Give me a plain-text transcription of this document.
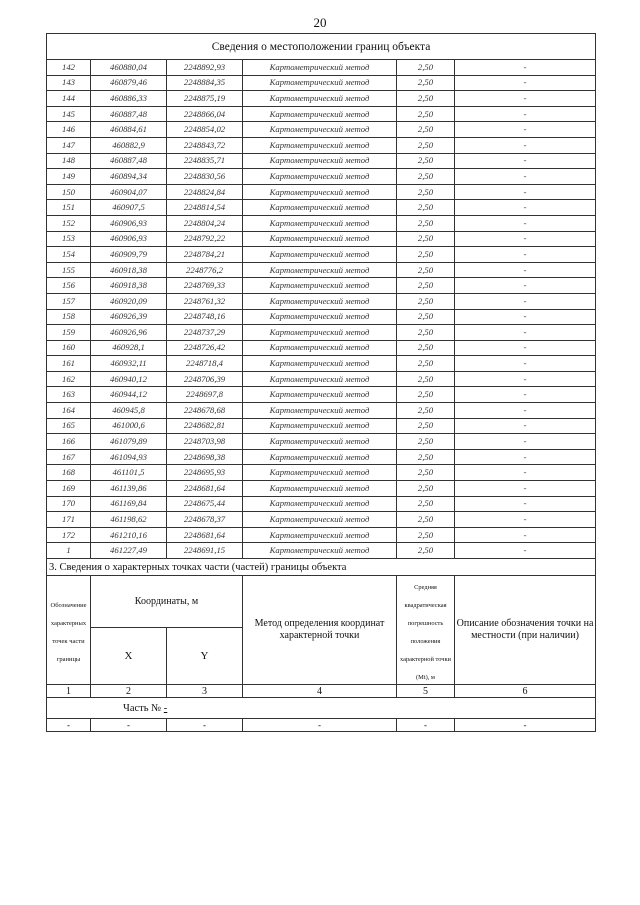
20
Сведения о местоположении границ объекта					
142	460880,04	2248892,93	Картометрический метод	2,50	-
143	460879,46	2248884,35	Картометрический метод	2,50	-
144	460886,33	2248875,19	Картометрический метод	2,50	-
145	460887,48	2248866,04	Картометрический метод	2,50	-
146	460884,61	2248854,02	Картометрический метод	2,50	-
147	460882,9	2248843,72	Картометрический метод	2,50	-
148	460887,48	2248835,71	Картометрический метод	2,50	-
149	460894,34	2248830,56	Картометрический метод	2,50	-
150	460904,07	2248824,84	Картометрический метод	2,50	-
151	460907,5	2248814,54	Картометрический метод	2,50	-
152	460906,93	2248804,24	Картометрический метод	2,50	-
153	460906,93	2248792,22	Картометрический метод	2,50	-
154	460909,79	2248784,21	Картометрический метод	2,50	-
155	460918,38	2248776,2	Картометрический метод	2,50	-
156	460918,38	2248769,33	Картометрический метод	2,50	-
157	460920,09	2248761,32	Картометрический метод	2,50	-
158	460926,39	2248748,16	Картометрический метод	2,50	-
159	460926,96	2248737,29	Картометрический метод	2,50	-
160	460928,1	2248726,42	Картометрический метод	2,50	-
161	460932,11	2248718,4	Картометрический метод	2,50	-
162	460940,12	2248706,39	Картометрический метод	2,50	-
163	460944,12	2248697,8	Картометрический метод	2,50	-
164	460945,8	2248678,68	Картометрический метод	2,50	-
165	461000,6	2248682,81	Картометрический метод	2,50	-
166	461079,89	2248703,98	Картометрический метод	2,50	-
167	461094,93	2248698,38	Картометрический метод	2,50	-
168	461101,5	2248695,93	Картометрический метод	2,50	-
169	461139,86	2248681,64	Картометрический метод	2,50	-
170	461169,84	2248675,44	Картометрический метод	2,50	-
171	461198,62	2248678,37	Картометрический метод	2,50	-
172	461210,16	2248681,64	Картометрический метод	2,50	-
1	461227,49	2248691,15	Картометрический метод	2,50	-
3. Сведения о характерных точках части (частей) границы объекта					
Обозначение характерных точек части границы	Координаты, м		Метод определения координат характерной точки	Средняя квадратическая погрешность положения характерной точки (Mt), м	Описание обозначения точки на местности (при наличии)
	X	Y			
1	2	3	4	5	6
Часть № -					
-	-	-	-	-	-
